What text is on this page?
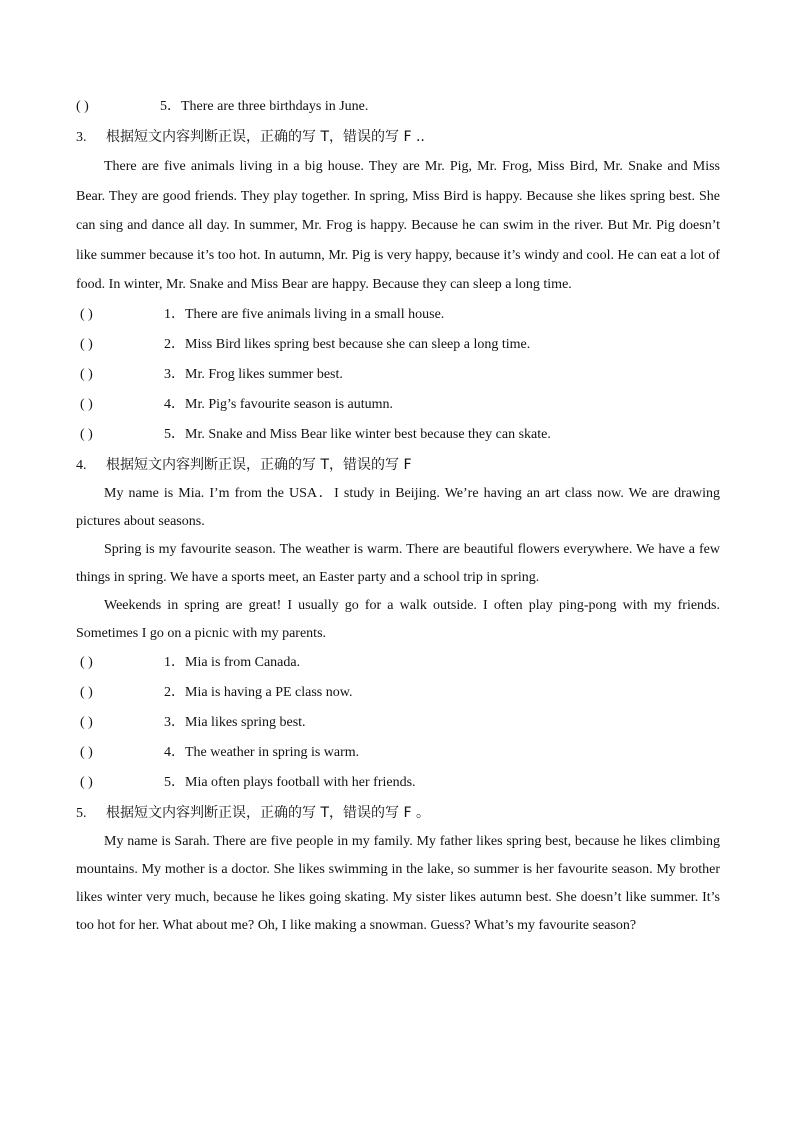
( )	5．There are three birthdays in June.
3. 根据短文内容判断正误，正确的写 T，错误的写 F ..

There are five animals living in a big house. They are Mr. Pig, Mr. Frog, Miss Bird, Mr. Snake and Miss Bear. They are good friends. They play together. In spring, Miss Bird is happy. Because she likes spring best. She can sing and dance all day. In summer, Mr. Frog is happy. Because he can swim in the river. But Mr. Pig doesn’t like summer because it’s too hot. In autumn, Mr. Pig is very happy, because it’s windy and cool. He can eat a lot of food. In winter, Mr. Snake and Miss Bear are happy. Because they can sleep a long time.

( )	1．There are five animals living in a small house.
( )	2．Miss Bird likes spring best because she can sleep a long time.
( )	3．Mr. Frog likes summer best.
( )	4．Mr. Pig’s favourite season is autumn.
( )	5．Mr. Snake and Miss Bear like winter best because they can skate.
4. 根据短文内容判断正误，正确的写 T，错误的写 F

My name is Mia. I’m from the USA．I study in Beijing. We’re having an art class now. We are drawing pictures about seasons.

Spring is my favourite season. The weather is warm. There are beautiful flowers everywhere. We have a few things in spring. We have a sports meet, an Easter party and a school trip in spring.

Weekends in spring are great! I usually go for a walk outside. I often play ping-pong with my friends. Sometimes I go on a picnic with my parents.

( )	1．Mia is from Canada.
( )	2．Mia is having a PE class now.
( )	3．Mia likes spring best.
( )	4．The weather in spring is warm.
( )	5．Mia often plays football with her friends.
5. 根据短文内容判断正误，正确的写 T，错误的写 F 。

My name is Sarah. There are five people in my family. My father likes spring best, because he likes climbing mountains. My mother is a doctor. She likes swimming in the lake, so summer is her favourite season. My brother likes winter very much, because he likes going skating. My sister likes autumn best. She doesn’t like summer. It’s too hot for her. What about me? Oh, I like making a snowman. Guess? What’s my favourite season?
